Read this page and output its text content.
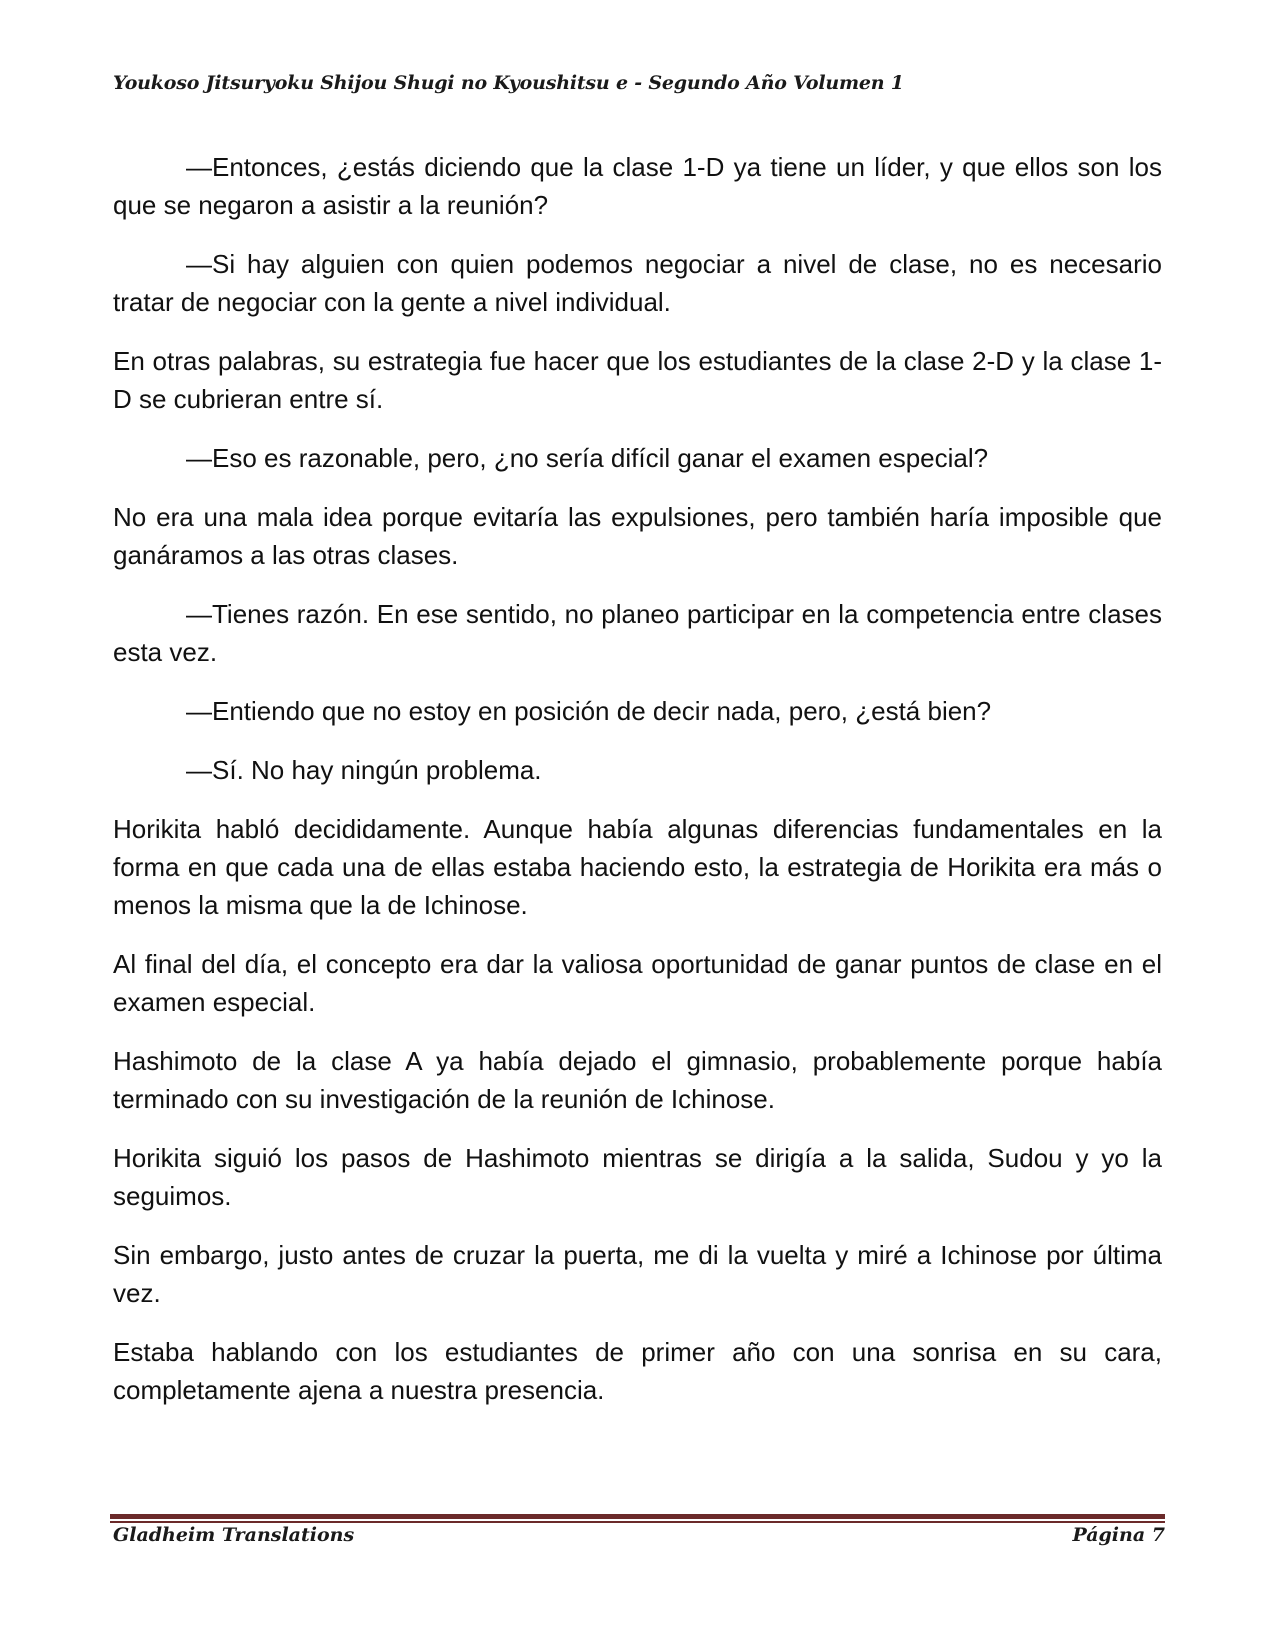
Youkoso Jitsuryoku Shijou Shugi no Kyoushitsu e - Segundo Año Volumen 1

—Entonces, ¿estás diciendo que la clase 1-D ya tiene un líder, y que ellos son los que se negaron a asistir a la reunión?

—Si hay alguien con quien podemos negociar a nivel de clase, no es necesario tratar de negociar con la gente a nivel individual.

En otras palabras, su estrategia fue hacer que los estudiantes de la clase 2-D y la clase 1-D se cubrieran entre sí.

—Eso es razonable, pero, ¿no sería difícil ganar el examen especial?

No era una mala idea porque evitaría las expulsiones, pero también haría imposible que ganáramos a las otras clases.

—Tienes razón. En ese sentido, no planeo participar en la competencia entre clases esta vez.

—Entiendo que no estoy en posición de decir nada, pero, ¿está bien?

—Sí. No hay ningún problema.

Horikita habló decididamente. Aunque había algunas diferencias fundamentales en la forma en que cada una de ellas estaba haciendo esto, la estrategia de Horikita era más o menos la misma que la de Ichinose.

Al final del día, el concepto era dar la valiosa oportunidad de ganar puntos de clase en el examen especial.

Hashimoto de la clase A ya había dejado el gimnasio, probablemente porque había terminado con su investigación de la reunión de Ichinose.

Horikita siguió los pasos de Hashimoto mientras se dirigía a la salida, Sudou y yo la seguimos.

Sin embargo, justo antes de cruzar la puerta, me di la vuelta y miré a Ichinose por última vez.

Estaba hablando con los estudiantes de primer año con una sonrisa en su cara, completamente ajena a nuestra presencia.

Gladheim Translations	Página 7
